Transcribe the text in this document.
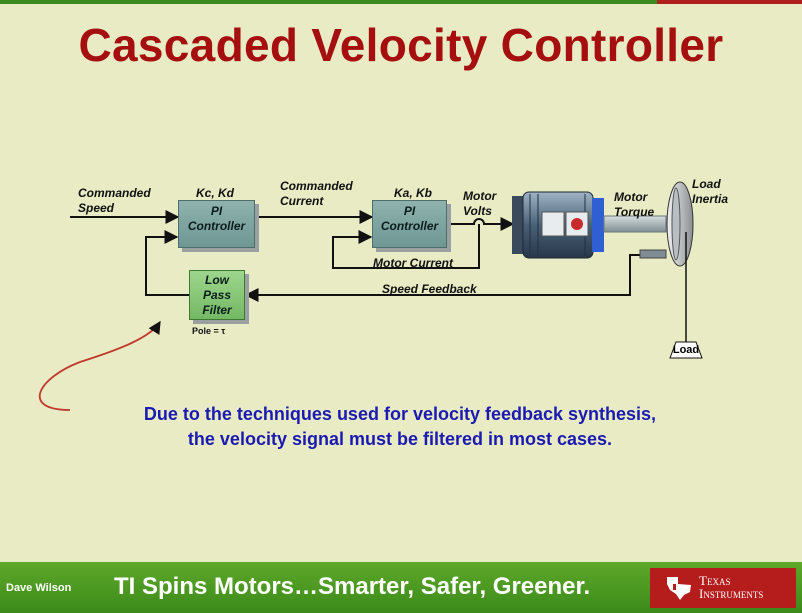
Cascaded Velocity Controller
Commanded
Speed
Kc, Kd
PI
Controller
Commanded
Current
Ka, Kb
PI
Controller
Motor
Volts
Motor
Torque
Load
Inertia
Motor Current
Speed Feedback
Low
Pass
Filter
Pole = τ
Load
Due to the techniques used for velocity feedback synthesis,
the velocity signal must be filtered in most cases.
Dave Wilson TI Spins Motors…Smarter, Safer, Greener.	Texas
Instruments
